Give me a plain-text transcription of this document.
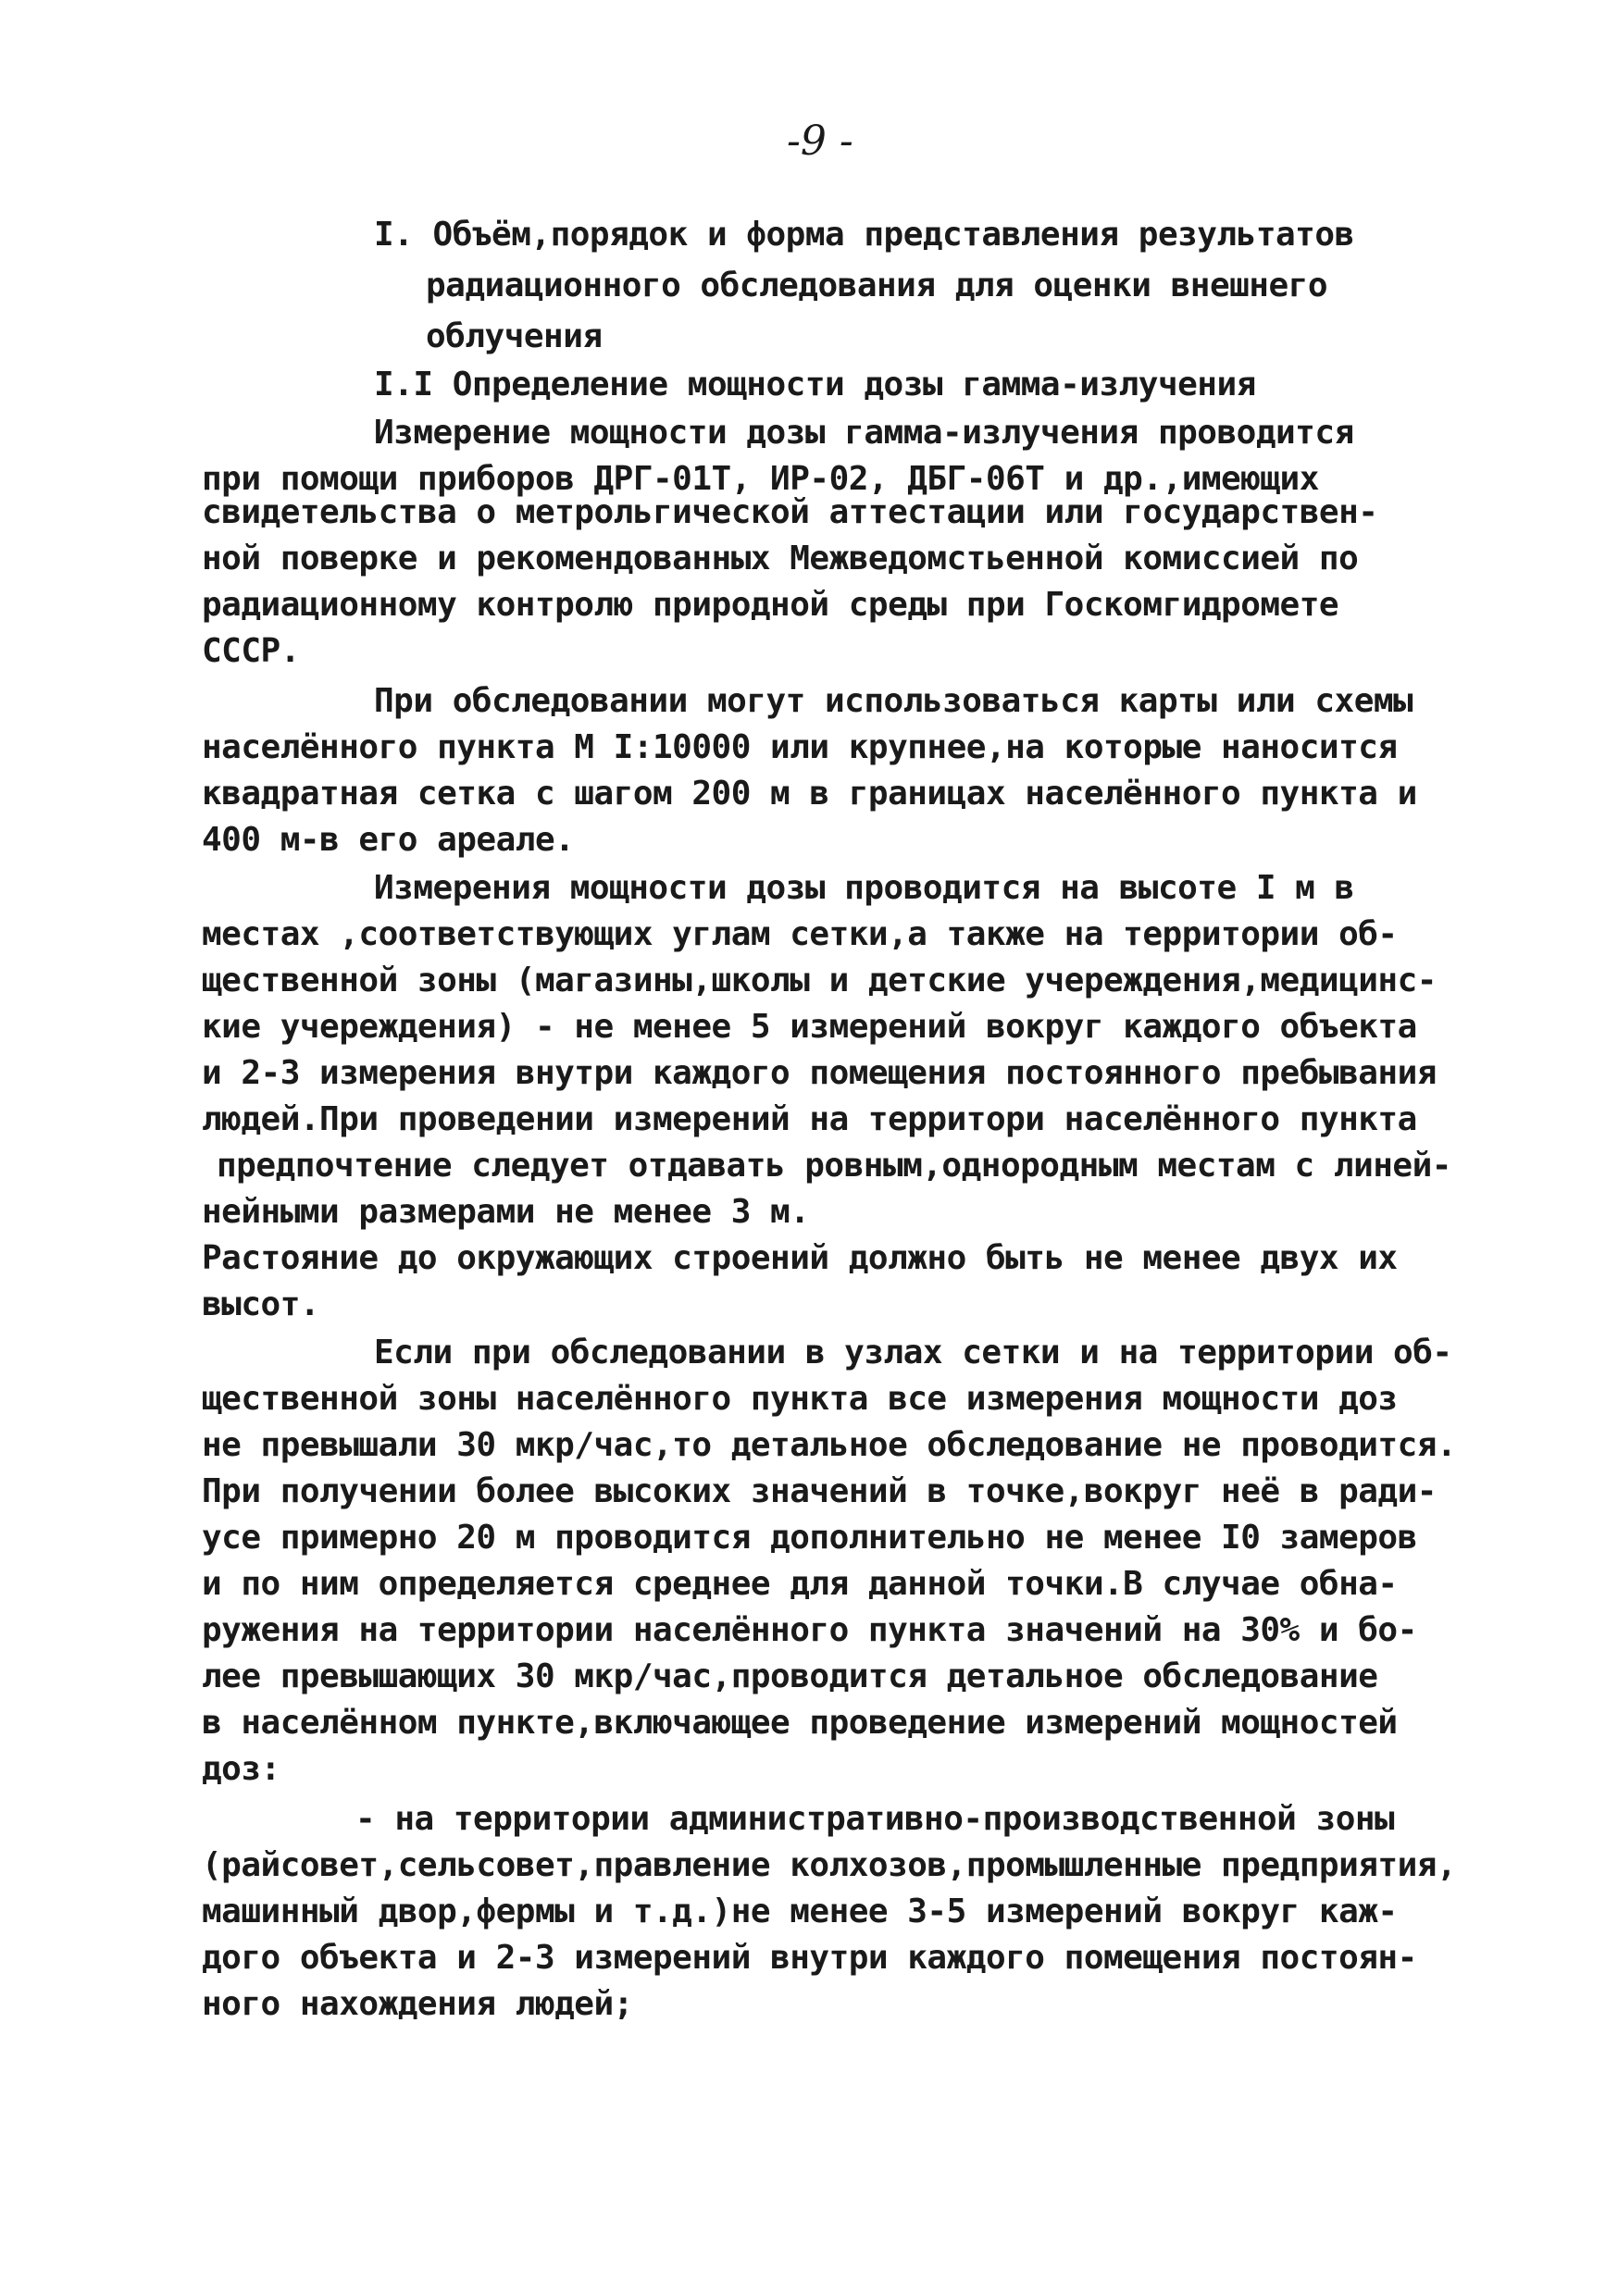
-9 -
I. Объём,порядок и форма представления результатов
радиационного обследования для оценки внешнего
облучения
I.I Определение мощности дозы гамма-излучения
Измерение мощности дозы гамма-излучения проводится
при помощи приборов ДРГ-01Т, ИР-02, ДБГ-06Т и др.,имеющих
свидетельства о метрольгической аттестации или государствен-
ной поверке и рекомендованных Межведомстьенной комиссией по
радиационному контролю природной среды при Госкомгидромете
СССР.
При обследовании могут использоваться карты или схемы
населённого пункта М I:10000 или крупнее,на которые наносится
квадратная сетка с шагом 200 м в границах населённого пункта и
400 м-в его ареале.
Измерения мощности дозы проводится на высоте I м в
местах ,соответствующих углам сетки,а также на территории об-
щественной зоны (магазины,школы и детские учереждения,медицинс-
кие учереждения) - не менее 5 измерений вокруг каждого объекта
и 2-3 измерения внутри каждого помещения постоянного пребывания
людей.При проведении измерений на территори населённого пункта
предпочтение следует отдавать ровным,однородным местам с линей-
нейными размерами не менее 3 м.
Растояние до окружающих строений должно быть не менее двух их
высот.
Если при обследовании в узлах сетки и на территории об-
щественной зоны населённого пункта все измерения мощности доз
не превышали 30 мкр/час,то детальное обследование не проводится.
При получении более высоких значений в точке,вокруг неё в ради-
усе примерно 20 м проводится дополнительно не менее I0 замеров
и по ним определяется среднее для данной точки.В случае обна-
ружения на территории населённого пункта значений на 30% и бо-
лее превышающих 30 мкр/час,проводится детальное обследование
в населённом пункте,включающее проведение измерений мощностей
доз:
- на территории административно-производственной зоны
(райсовет,сельсовет,правление колхозов,промышленные предприятия,
машинный двор,фермы и т.д.)не менее 3-5 измерений вокруг каж-
дого объекта и 2-3 измерений внутри каждого помещения постоян-
ного нахождения людей;
